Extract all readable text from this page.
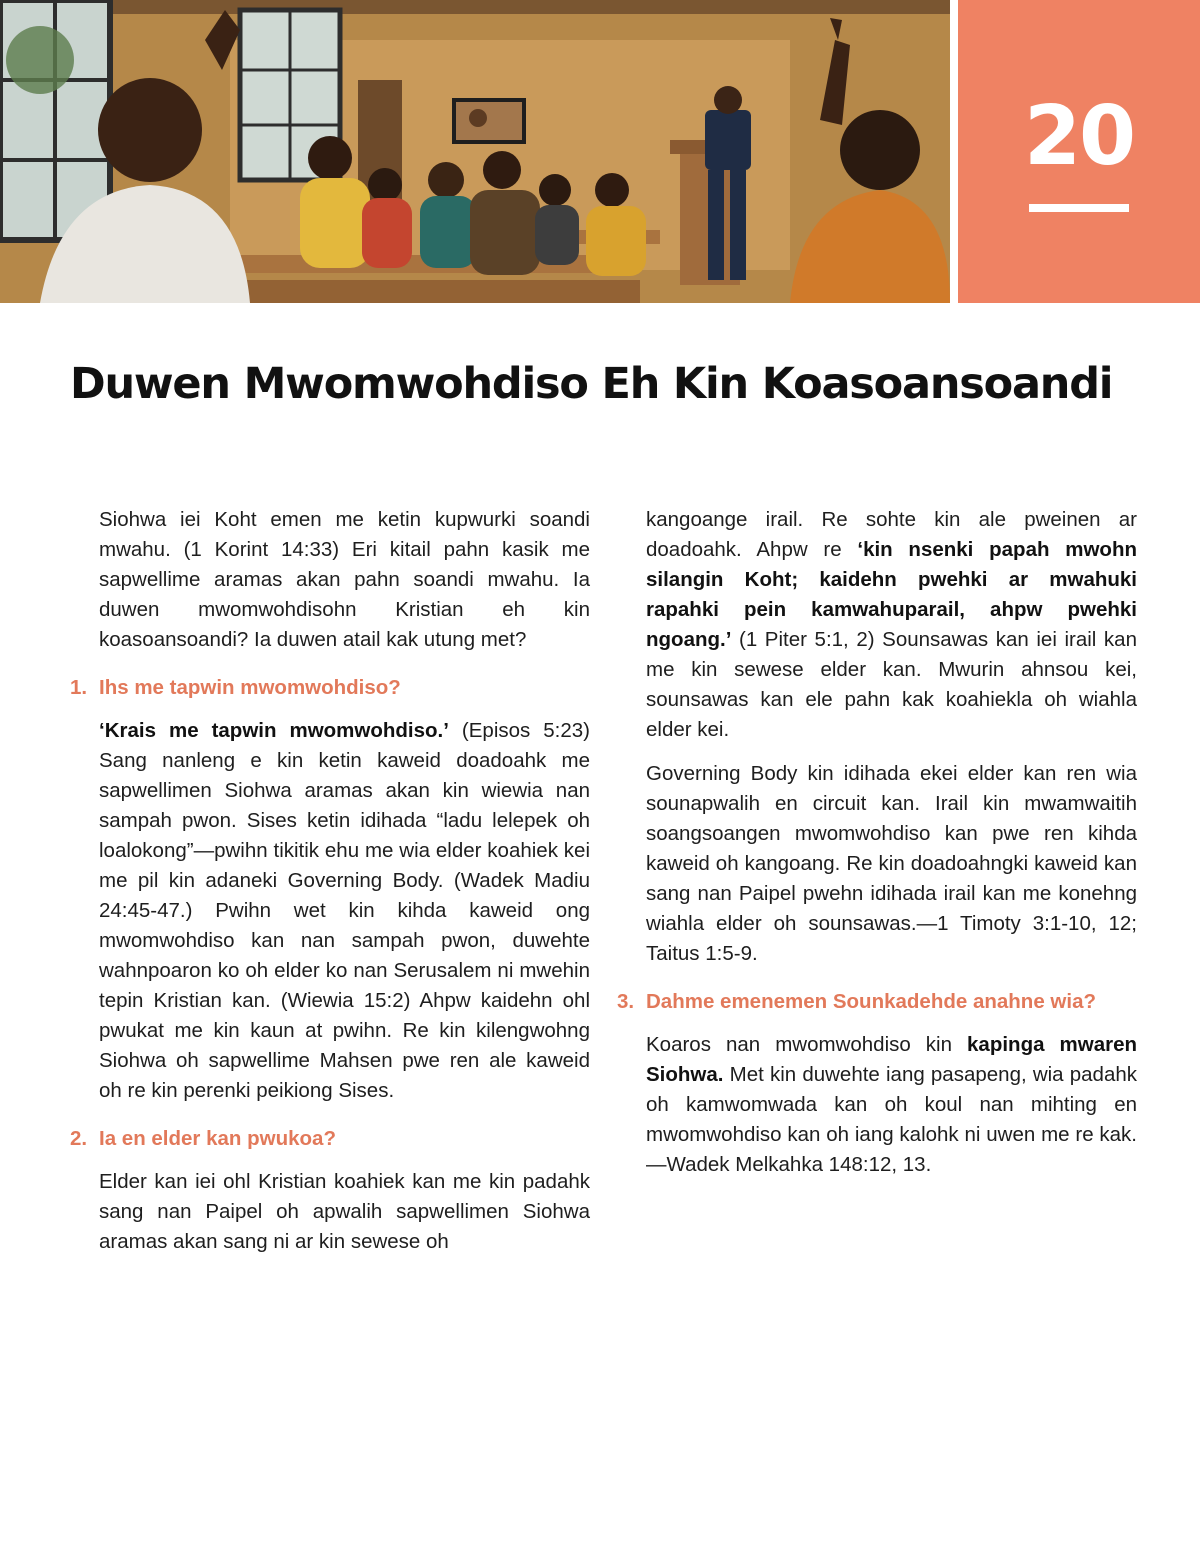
20
Duwen Mwomwohdiso Eh Kin Koasoansoandi

Siohwa iei Koht emen me ketin kupwurki soandi mwahu. (1 Korint 14:33) Eri kitail pahn kasik me sapwellime aramas akan pahn soandi mwahu. Ia duwen mwomwohdisohn Kristian eh kin koasoansoandi? Ia duwen atail kak utung met?

1. Ihs me tapwin mwomwohdiso?

‘Krais me tapwin mwomwohdiso.’ (Episos 5:23) Sang nanleng e kin ketin kaweid doadoahk me sapwellimen Siohwa aramas akan kin wiewia nan sampah pwon. Sises ketin idihada “ladu lelepek oh loalokong”—pwihn tikitik ehu me wia elder koahiek kei me pil kin adaneki Governing Body. (Wadek Madiu 24:45-47.) Pwihn wet kin kihda kaweid ong mwomwohdiso kan nan sampah pwon, duwehte wahnpoaron ko oh elder ko nan Serusalem ni mwehin tepin Kristian kan. (Wiewia 15:2) Ahpw kaidehn ohl pwukat me kin kaun at pwihn. Re kin kilengwohng Siohwa oh sapwellime Mahsen pwe ren ale kaweid oh re kin perenki peikiong Sises.

2. Ia en elder kan pwukoa?

Elder kan iei ohl Kristian koahiek kan me kin padahk sang nan Paipel oh apwalih sapwellimen Siohwa aramas akan sang ni ar kin sewese oh

kangoange irail. Re sohte kin ale pweinen ar doadoahk. Ahpw re ‘kin nsenki papah mwohn silangin Koht; kaidehn pwehki ar mwahuki rapahki pein kamwahuparail, ahpw pwehki ngoang.’ (1 Piter 5:1, 2) Sounsawas kan iei irail kan me kin sewese elder kan. Mwurin ahnsou kei, sounsawas kan ele pahn kak koahiekla oh wiahla elder kei.

Governing Body kin idihada ekei elder kan ren wia sounapwalih en circuit kan. Irail kin mwamwaitih soangsoangen mwomwohdiso kan pwe ren kihda kaweid oh kangoang. Re kin doadoahngki kaweid kan sang nan Paipel pwehn idihada irail kan me konehng wiahla elder oh sounsawas.—1 Timoty 3:1-10, 12; Taitus 1:5-9.

3. Dahme emenemen Sounkadehde anahne wia?

Koaros nan mwomwohdiso kin kapinga mwaren Siohwa. Met kin duwehte iang pasapeng, wia padahk oh kamwomwada kan oh koul nan mihting en mwomwohdiso kan oh iang kalohk ni uwen me re kak.—Wadek Melkahka 148:12, 13.
